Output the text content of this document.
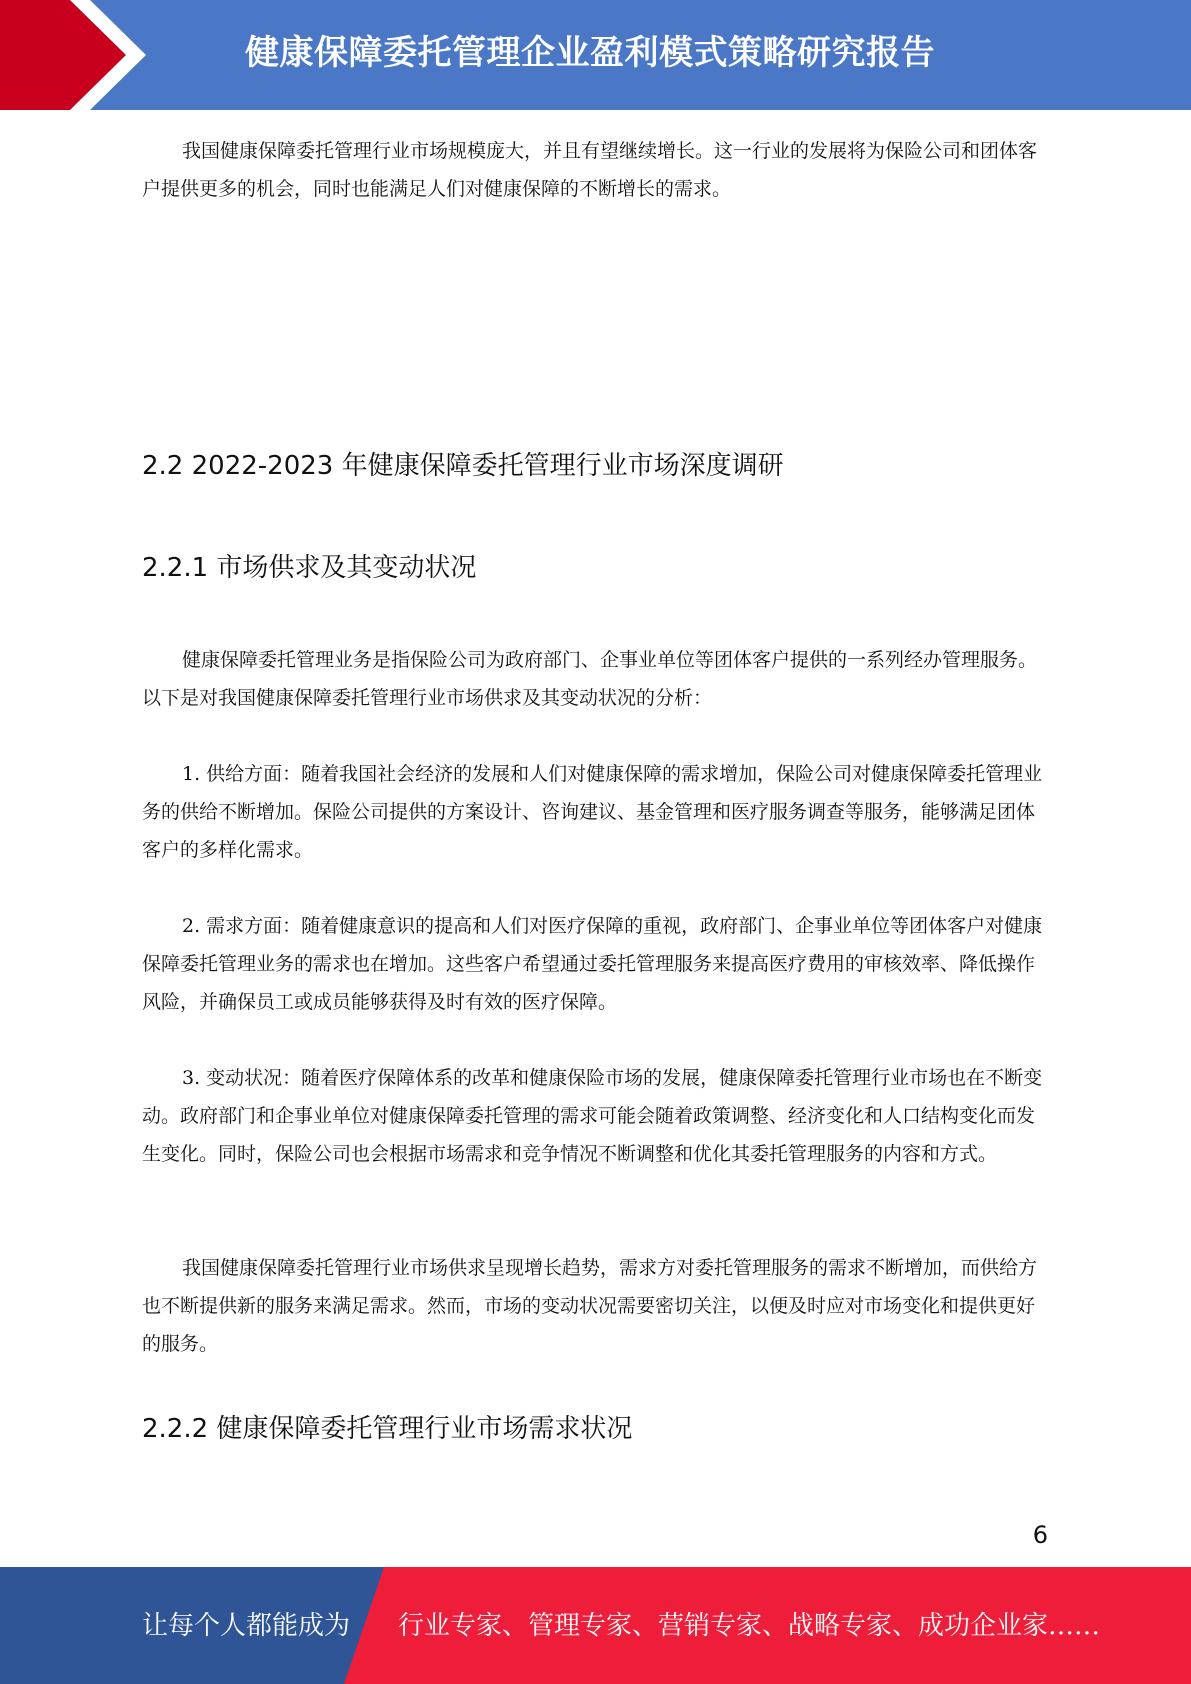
健康保障委托管理企业盈利模式策略研究报告

我国健康保障委托管理行业市场规模庞大，并且有望继续增长。这一行业的发展将为保险公司和团体客户提供更多的机会，同时也能满足人们对健康保障的不断增长的需求。

2.2 2022-2023 年健康保障委托管理行业市场深度调研
2.2.1 市场供求及其变动状况

健康保障委托管理业务是指保险公司为政府部门、企事业单位等团体客户提供的一系列经办管理服务。以下是对我国健康保障委托管理行业市场供求及其变动状况的分析：

1. 供给方面：随着我国社会经济的发展和人们对健康保障的需求增加，保险公司对健康保障委托管理业务的供给不断增加。保险公司提供的方案设计、咨询建议、基金管理和医疗服务调查等服务，能够满足团体客户的多样化需求。

2. 需求方面：随着健康意识的提高和人们对医疗保障的重视，政府部门、企事业单位等团体客户对健康保障委托管理业务的需求也在增加。这些客户希望通过委托管理服务来提高医疗费用的审核效率、降低操作风险，并确保员工或成员能够获得及时有效的医疗保障。

3. 变动状况：随着医疗保障体系的改革和健康保险市场的发展，健康保障委托管理行业市场也在不断变动。政府部门和企事业单位对健康保障委托管理的需求可能会随着政策调整、经济变化和人口结构变化而发生变化。同时，保险公司也会根据市场需求和竞争情况不断调整和优化其委托管理服务的内容和方式。

我国健康保障委托管理行业市场供求呈现增长趋势，需求方对委托管理服务的需求不断增加，而供给方也不断提供新的服务来满足需求。然而，市场的变动状况需要密切关注，以便及时应对市场变化和提供更好的服务。

2.2.2 健康保障委托管理行业市场需求状况
6
让每个人都能成为 行业专家、管理专家、营销专家、战略专家、成功企业家……
